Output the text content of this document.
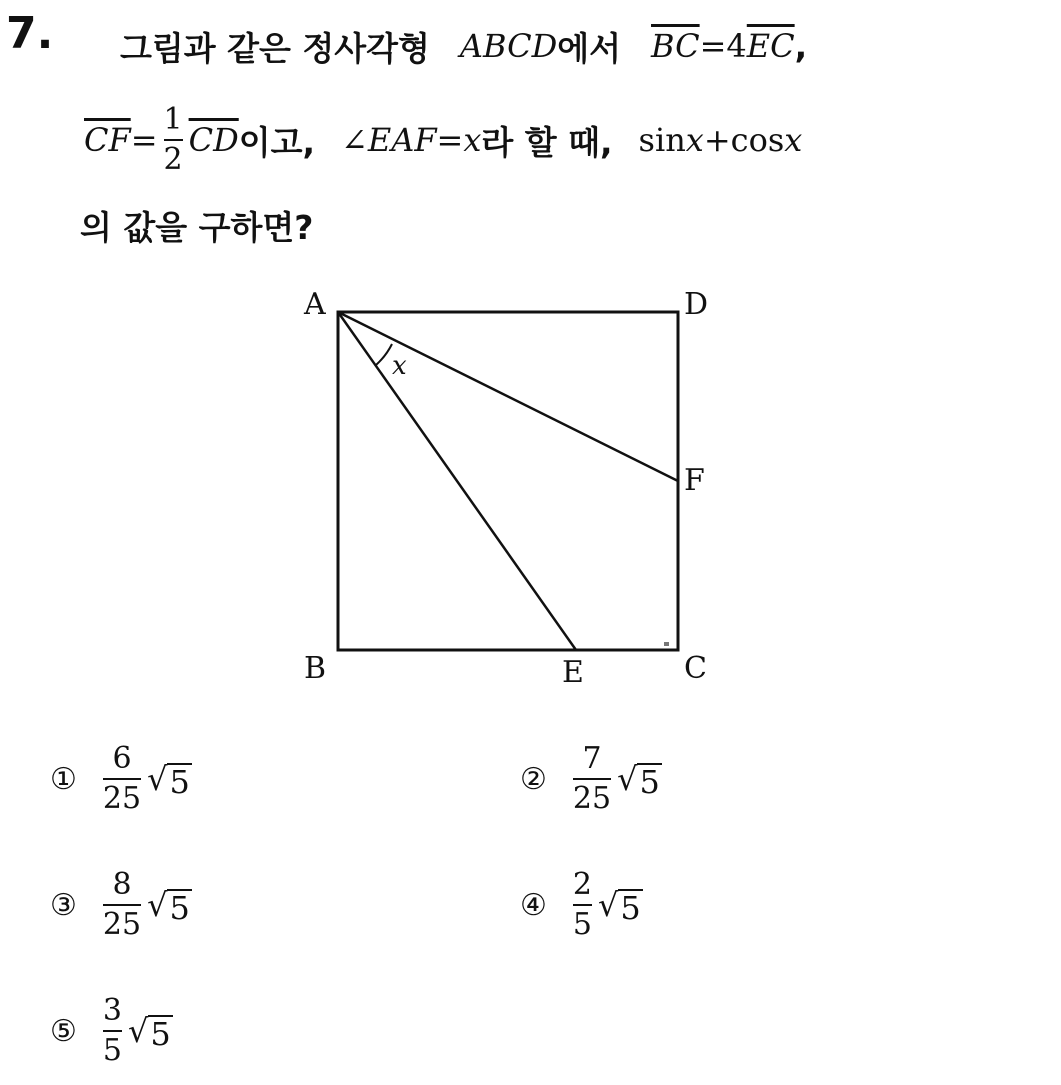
7. 그림과 같은 정사각형 ABCD 에서 $\overline{BC} = 4$ $\overline{EC}$ ,
$\overline{CF} = \frac{1}{2} \overline{CD}$ 이고, ∠ EAF = x 라 할 때, sin x + cos x
의 값을 구하면?
x
A	D
B	C
E
F
① $\frac{6}{25}$ √ 5	② $\frac{7}{25}$ √ 5
③ $\frac{8}{25}$ √ 5	④ $\frac{2}{5}$ √ 5
⑤ $\frac{3}{5}$ √ 5
